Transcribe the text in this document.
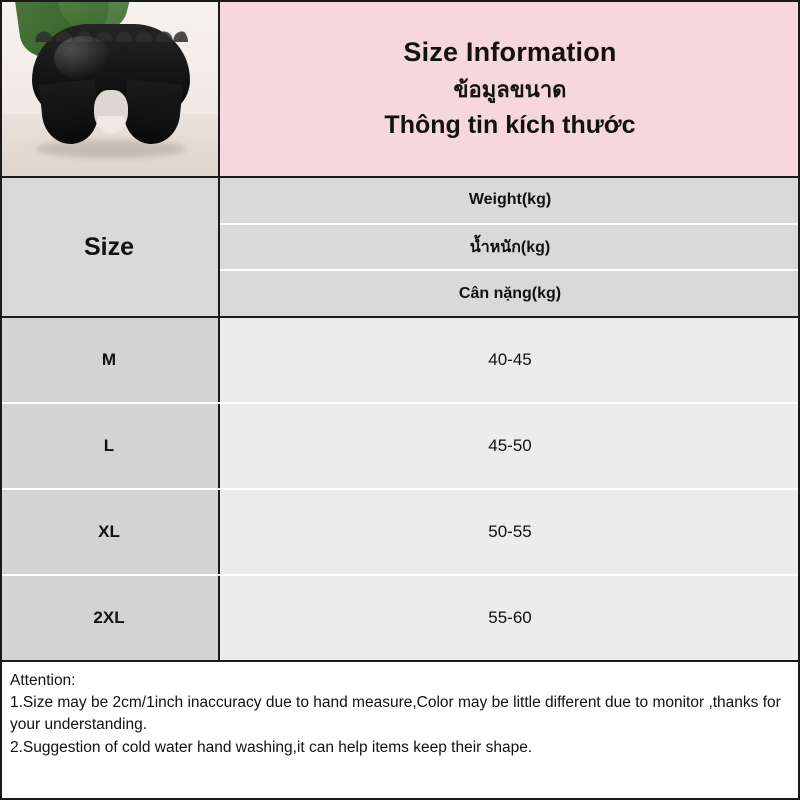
Size Information
ข้อมูลขนาด
Thông tin kích thước
Size
Weight(kg)
น้ำหนัก(kg)
Cân nặng(kg)
M	40-45
L	45-50
XL	50-55
2XL	55-60
Attention:
1.Size may be 2cm/1inch inaccuracy due to hand measure,Color may be little different due to monitor ,thanks for your understanding.
2.Suggestion of cold water hand washing,it can help items keep their shape.
